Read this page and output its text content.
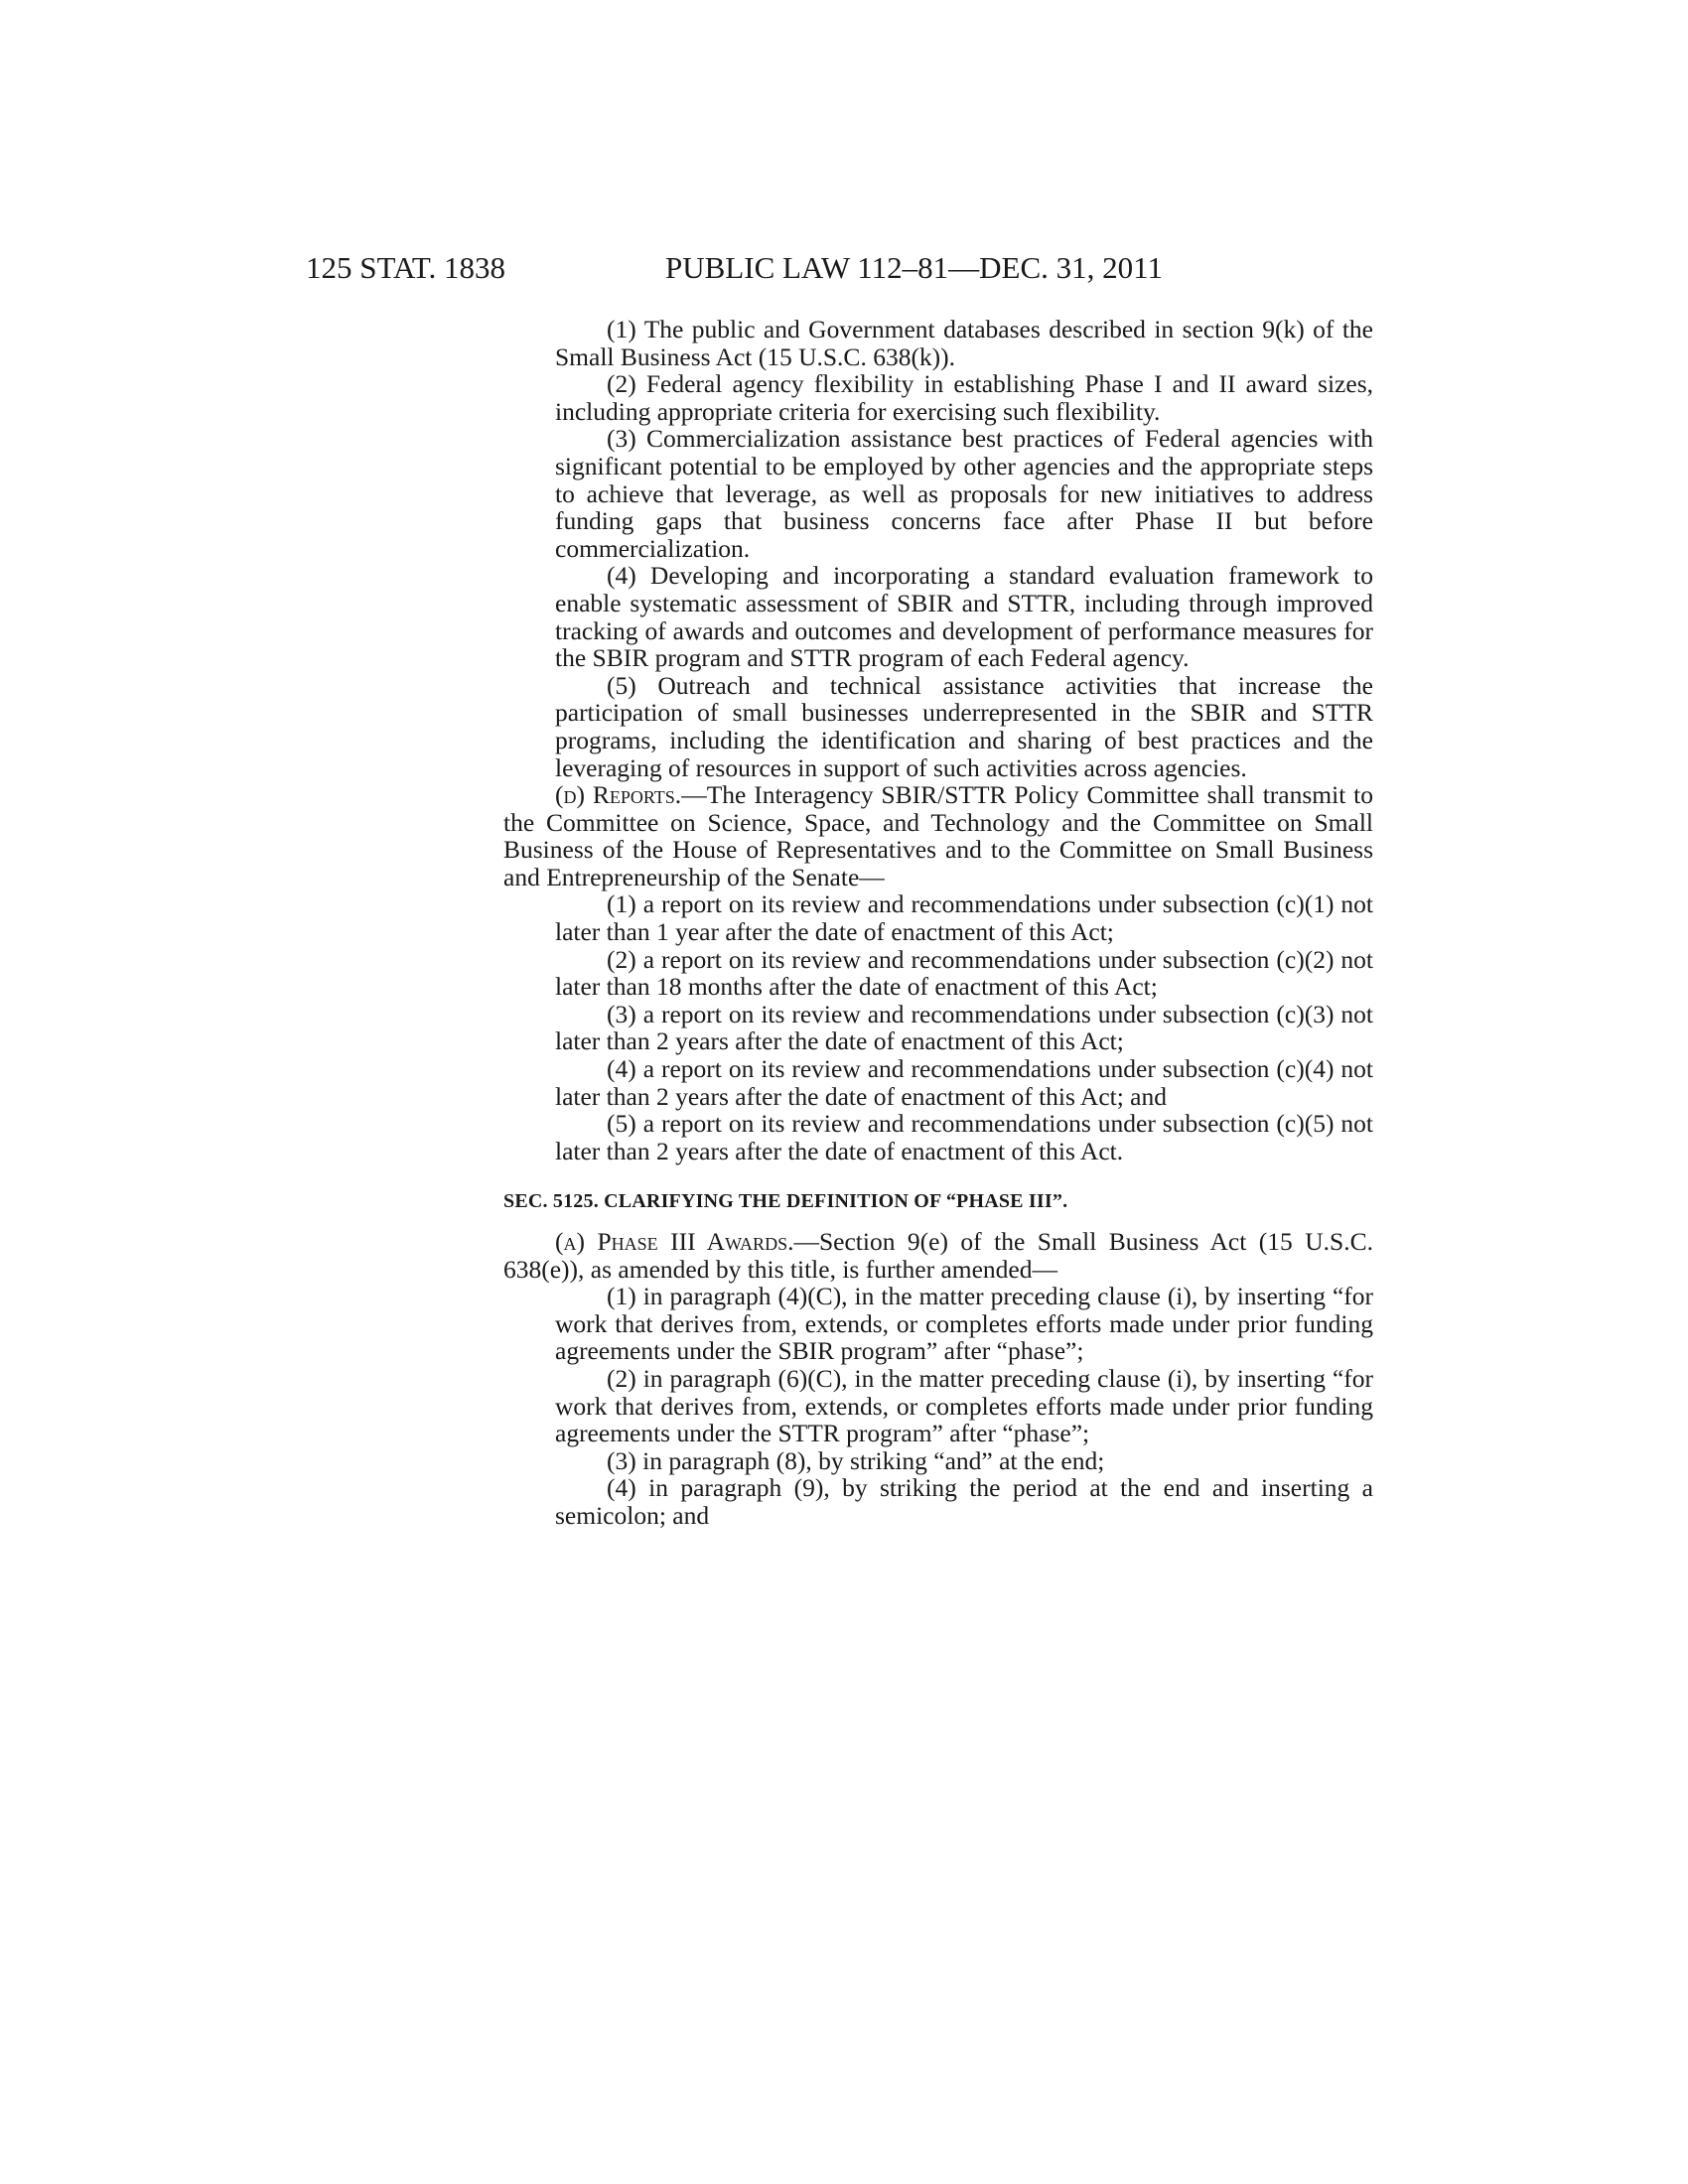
125 STAT. 1838	PUBLIC LAW 112–81—DEC. 31, 2011

(1) The public and Government databases described in section 9(k) of the Small Business Act (15 U.S.C. 638(k)).

(2) Federal agency flexibility in establishing Phase I and II award sizes, including appropriate criteria for exercising such flexibility.

(3) Commercialization assistance best practices of Federal agencies with significant potential to be employed by other agencies and the appropriate steps to achieve that leverage, as well as proposals for new initiatives to address funding gaps that business concerns face after Phase II but before commercialization.

(4) Developing and incorporating a standard evaluation framework to enable systematic assessment of SBIR and STTR, including through improved tracking of awards and outcomes and development of performance measures for the SBIR program and STTR program of each Federal agency.

(5) Outreach and technical assistance activities that increase the participation of small businesses underrepresented in the SBIR and STTR programs, including the identification and sharing of best practices and the leveraging of resources in support of such activities across agencies.

(d) Reports.—The Interagency SBIR/STTR Policy Committee shall transmit to the Committee on Science, Space, and Technology and the Committee on Small Business of the House of Representatives and to the Committee on Small Business and Entrepreneurship of the Senate—

(1) a report on its review and recommendations under subsection (c)(1) not later than 1 year after the date of enactment of this Act;

(2) a report on its review and recommendations under subsection (c)(2) not later than 18 months after the date of enactment of this Act;

(3) a report on its review and recommendations under subsection (c)(3) not later than 2 years after the date of enactment of this Act;

(4) a report on its review and recommendations under subsection (c)(4) not later than 2 years after the date of enactment of this Act; and

(5) a report on its review and recommendations under subsection (c)(5) not later than 2 years after the date of enactment of this Act.

SEC. 5125. CLARIFYING THE DEFINITION OF “PHASE III”.

(a) Phase III Awards.—Section 9(e) of the Small Business Act (15 U.S.C. 638(e)), as amended by this title, is further amended—

(1) in paragraph (4)(C), in the matter preceding clause (i), by inserting “for work that derives from, extends, or completes efforts made under prior funding agreements under the SBIR program” after “phase”;

(2) in paragraph (6)(C), in the matter preceding clause (i), by inserting “for work that derives from, extends, or completes efforts made under prior funding agreements under the STTR program” after “phase”;

(3) in paragraph (8), by striking “and” at the end;

(4) in paragraph (9), by striking the period at the end and inserting a semicolon; and
